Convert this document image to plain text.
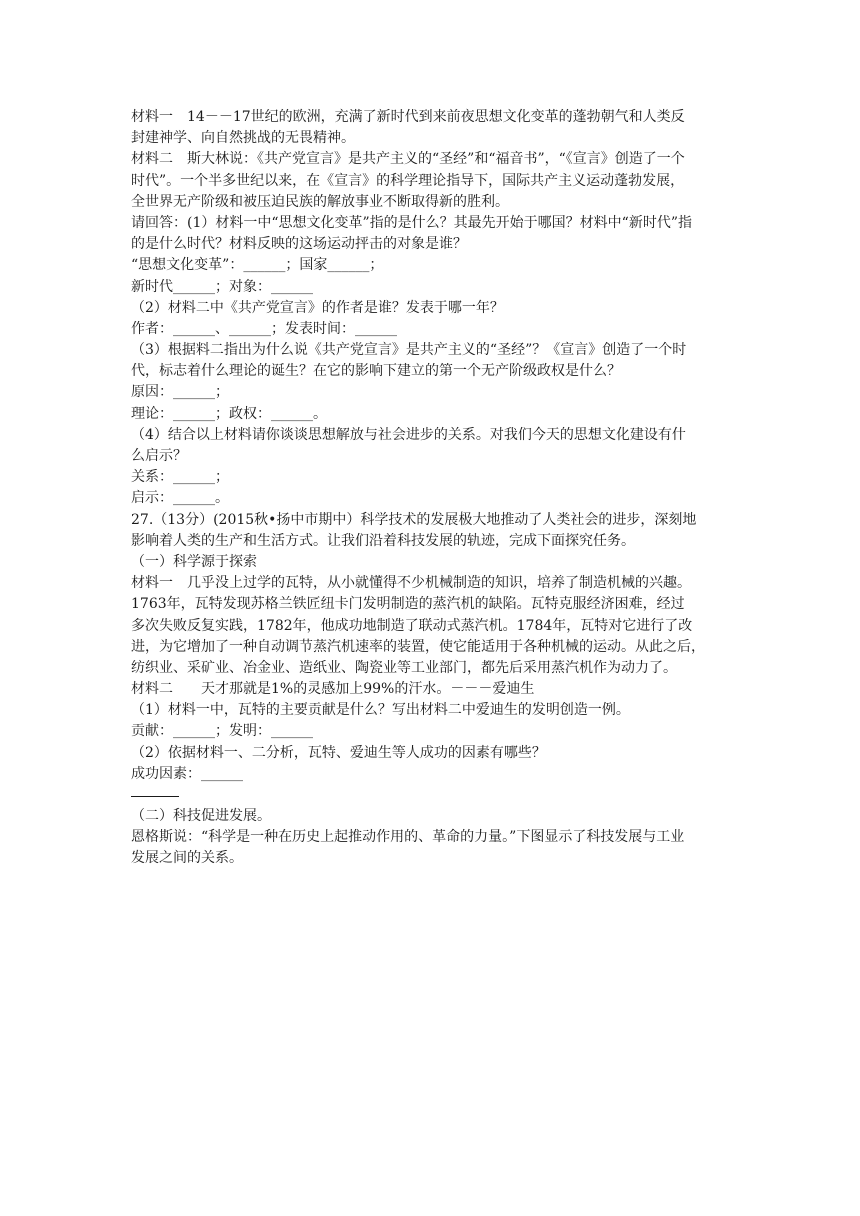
材料一　14－－17世纪的欧洲，充满了新时代到来前夜思想文化变革的蓬勃朝气和人类反
封建神学、向自然挑战的无畏精神。
材料二　斯大林说：《共产党宣言》是共产主义的“圣经”和“福音书”，“《宣言》创造了一个
时代”。一个半多世纪以来，在《宣言》的科学理论指导下，国际共产主义运动蓬勃发展，
全世界无产阶级和被压迫民族的解放事业不断取得新的胜利。
请回答：(1）材料一中“思想文化变革”指的是什么？其最先开始于哪国？材料中“新时代”指
的是什么时代？材料反映的这场运动抨击的对象是谁？
“思想文化变革”：______；国家______；
新时代______；对象：______
（2）材料二中《共产党宣言》的作者是谁？发表于哪一年？
作者：______、______；发表时间：______
（3）根据料二指出为什么说《共产党宣言》是共产主义的“圣经”？《宣言》创造了一个时
代，标志着什么理论的诞生？在它的影响下建立的第一个无产阶级政权是什么？
原因：______；
理论：______；政权：______。
（4）结合以上材料请你谈谈思想解放与社会进步的关系。对我们今天的思想文化建设有什
么启示？
关系：______；
启示：______。
27.（13分）(2015秋•扬中市期中）科学技术的发展极大地推动了人类社会的进步，深刻地
影响着人类的生产和生活方式。让我们沿着科技发展的轨迹，完成下面探究任务。
（一）科学源于探索
材料一　几乎没上过学的瓦特，从小就懂得不少机械制造的知识，培养了制造机械的兴趣。
1763年，瓦特发现苏格兰铁匠纽卡门发明制造的蒸汽机的缺陷。瓦特克服经济困难，经过
多次失败反复实践，1782年，他成功地制造了联动式蒸汽机。1784年，瓦特对它进行了改
进，为它增加了一种自动调节蒸汽机速率的装置，使它能适用于各种机械的运动。从此之后，
纺织业、采矿业、冶金业、造纸业、陶瓷业等工业部门，都先后采用蒸汽机作为动力了。
材料二　　天才那就是1%的灵感加上99%的汗水。－－－爱迪生
（1）材料一中，瓦特的主要贡献是什么？写出材料二中爱迪生的发明创造一例。
贡献：______；发明：______
（2）依据材料一、二分析，瓦特、爱迪生等人成功的因素有哪些？
成功因素：______
（二）科技促进发展。
恩格斯说：“科学是一种在历史上起推动作用的、革命的力量。”下图显示了科技发展与工业
发展之间的关系。
